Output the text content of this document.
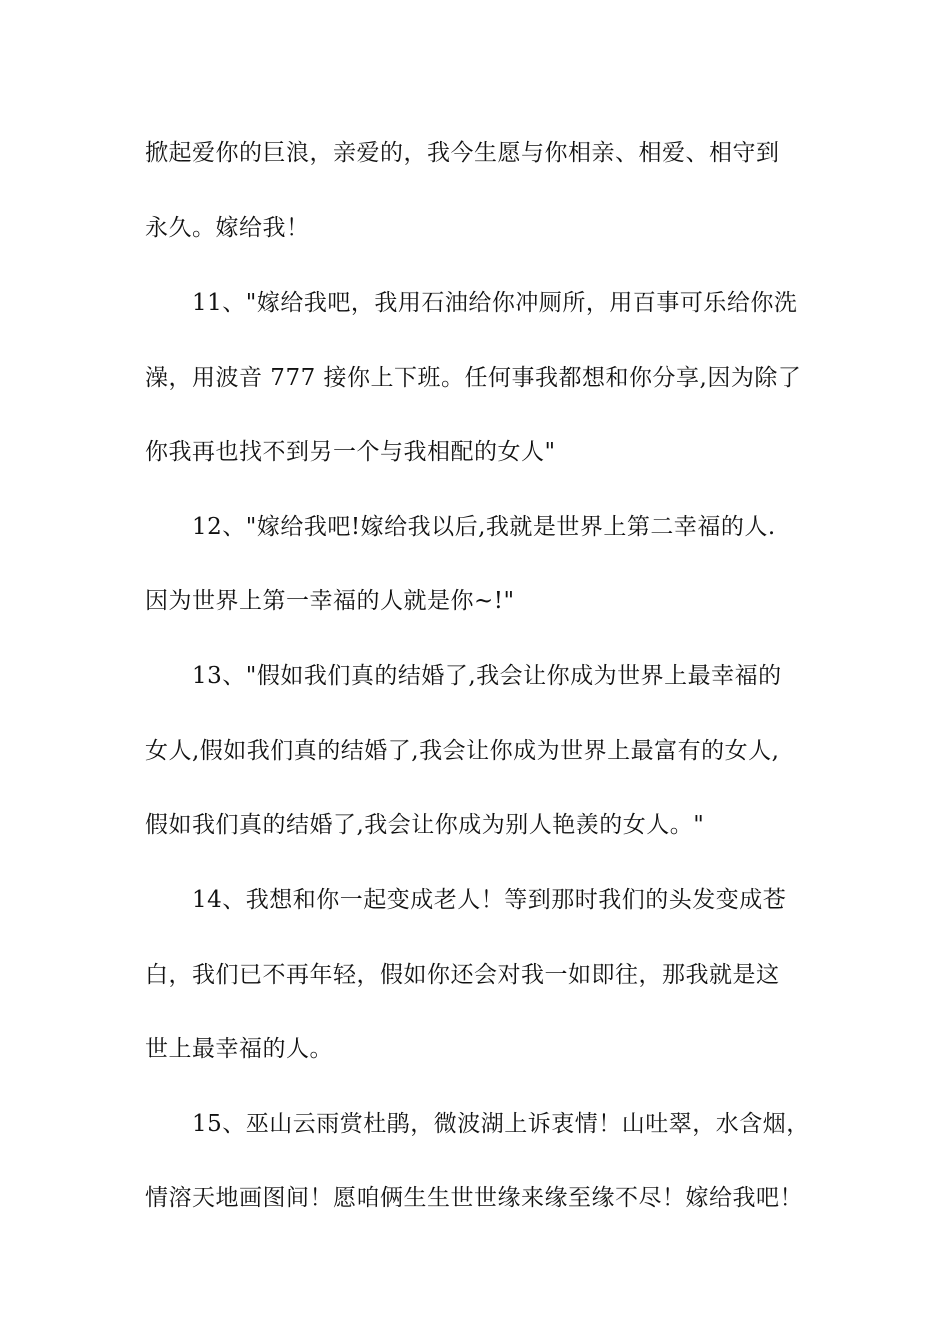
掀起爱你的巨浪，亲爱的，我今生愿与你相亲、相爱、相守到
永久。嫁给我！
11、"嫁给我吧，我用石油给你冲厕所，用百事可乐给你洗
澡，用波音 777 接你上下班。任何事我都想和你分享,因为除了
你我再也找不到另一个与我相配的女人"
12、"嫁给我吧!嫁给我以后,我就是世界上第二幸福的人.
因为世界上第一幸福的人就是你~!"
13、"假如我们真的结婚了,我会让你成为世界上最幸福的
女人,假如我们真的结婚了,我会让你成为世界上最富有的女人,
假如我们真的结婚了,我会让你成为别人艳羡的女人。"
14、我想和你一起变成老人！等到那时我们的头发变成苍
白，我们已不再年轻，假如你还会对我一如即往，那我就是这
世上最幸福的人。
15、巫山云雨赏杜鹃，微波湖上诉衷情！山吐翠，水含烟，
情溶天地画图间！愿咱俩生生世世缘来缘至缘不尽！嫁给我吧！
